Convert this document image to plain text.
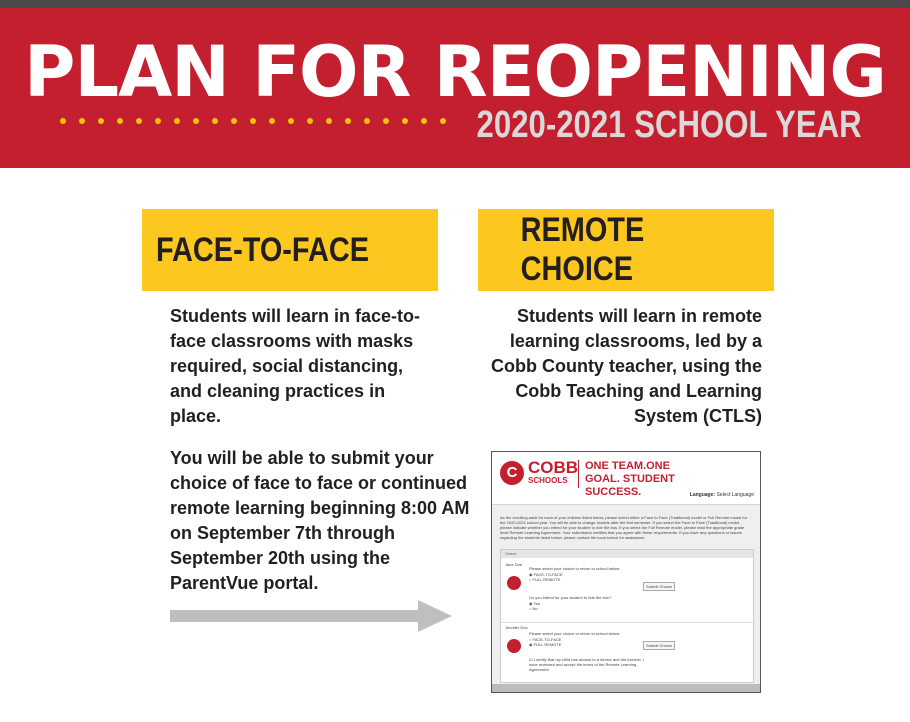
PLAN FOR REOPENING
2020-2021 SCHOOL YEAR
FACE-TO-FACE
REMOTE CHOICE
Students will learn in face-to-face classrooms with masks required, social distancing, and cleaning practices in place.
You will be able to submit your choice of face to face or continued remote learning beginning 8:00 AM on September 7th through September 20th using the ParentVue portal.
Students will learn in remote learning classrooms, led by a Cobb County teacher, using the Cobb Teaching and Learning System (CTLS)
C COBB
SCHOOLS
ONE TEAM.ONE GOAL. STUDENT SUCCESS.	Language: Select Language
As the enrolling adult for each of your children listed below, please select either a Face to Face (Traditional) model or Full Remote model for the 2020-2021 school year. You will be able to change models after the first semester. If you select the Face to Face (Traditional) model, please indicate whether you intend for your student to ride the bus. If you select the Full Remote model, please read the appropriate grade level Remote Learning Agreement. Your submission certifies that you agree with these requirements. If you have any questions or issues regarding the students listed below, please contact the local school for assistance.
Select
Jane Doe
Please select your choice to return to school below:
◉ FACE-TO-FACE
○ FULL REMOTE
Submit Choice
Do you intend for your student to ride the bus?
◉ Yes
○ No
Jennifer Doe
Please select your choice to return to school below:
○ FACE-TO-FACE
◉ FULL REMOTE	Submit Choice
☑ I certify that my child has access to a device and the internet. I have reviewed and accept the terms of the Remote Learning Agreement.
